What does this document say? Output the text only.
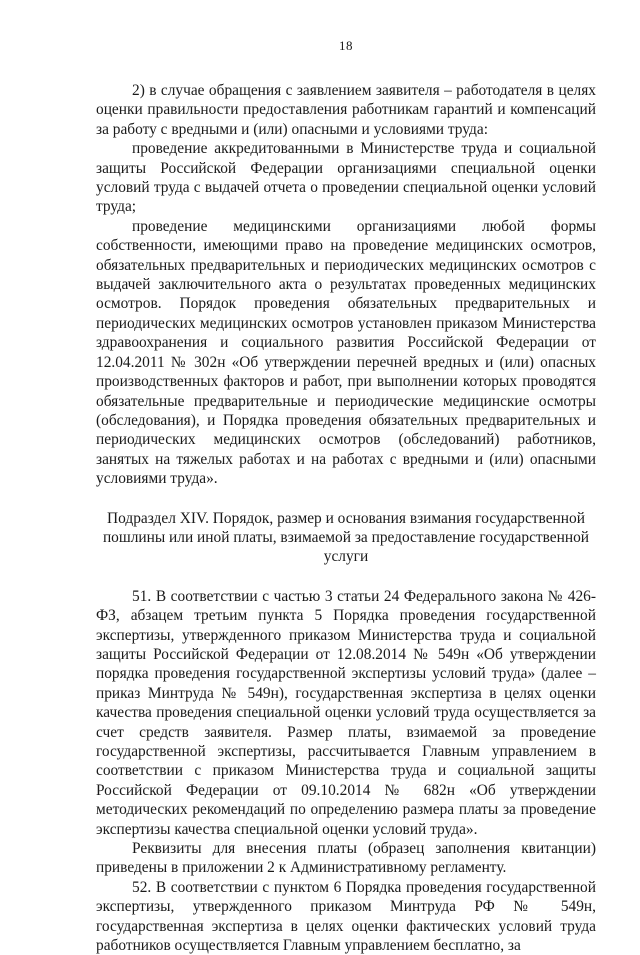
18

2) в случае обращения с заявлением заявителя – работодателя в целях оценки правильности предоставления работникам гарантий и компенсаций за работу с вредными и (или) опасными и условиями труда:

проведение аккредитованными в Министерстве труда и социальной защиты Российской Федерации организациями специальной оценки условий труда с выдачей отчета о проведении специальной оценки условий труда;

проведение медицинскими организациями любой формы собственности, имеющими право на проведение медицинских осмотров, обязательных предварительных и периодических медицинских осмотров с выдачей заключительного акта о результатах проведенных медицинских осмотров. Порядок проведения обязательных предварительных и периодических медицинских осмотров установлен приказом Министерства здравоохранения и социального развития Российской Федерации от 12.04.2011 № 302н «Об утверждении перечней вредных и (или) опасных производственных факторов и работ, при выполнении которых проводятся обязательные предварительные и периодические медицинские осмотры (обследования), и Порядка проведения обязательных предварительных и периодических медицинских осмотров (обследований) работников, занятых на тяжелых работах и на работах с вредными и (или) опасными условиями труда».

Подраздел XIV. Порядок, размер и основания взимания государственной пошлины или иной платы, взимаемой за предоставление государственной услуги

51. В соответствии с частью 3 статьи 24 Федерального закона № 426-ФЗ, абзацем третьим пункта 5 Порядка проведения государственной экспертизы, утвержденного приказом Министерства труда и социальной защиты Российской Федерации от 12.08.2014 № 549н «Об утверждении порядка проведения государственной экспертизы условий труда» (далее – приказ Минтруда № 549н), государственная экспертиза в целях оценки качества проведения специальной оценки условий труда осуществляется за счет средств заявителя. Размер платы, взимаемой за проведение государственной экспертизы, рассчитывается Главным управлением в соответствии с приказом Министерства труда и социальной защиты Российской Федерации от 09.10.2014 № 682н «Об утверждении методических рекомендаций по определению размера платы за проведение экспертизы качества специальной оценки условий труда».

Реквизиты для внесения платы (образец заполнения квитанции) приведены в приложении 2 к Административному регламенту.

52. В соответствии с пунктом 6 Порядка проведения государственной экспертизы, утвержденного приказом Минтруда РФ № 549н, государственная экспертиза в целях оценки фактических условий труда работников осуществляется Главным управлением бесплатно, за
